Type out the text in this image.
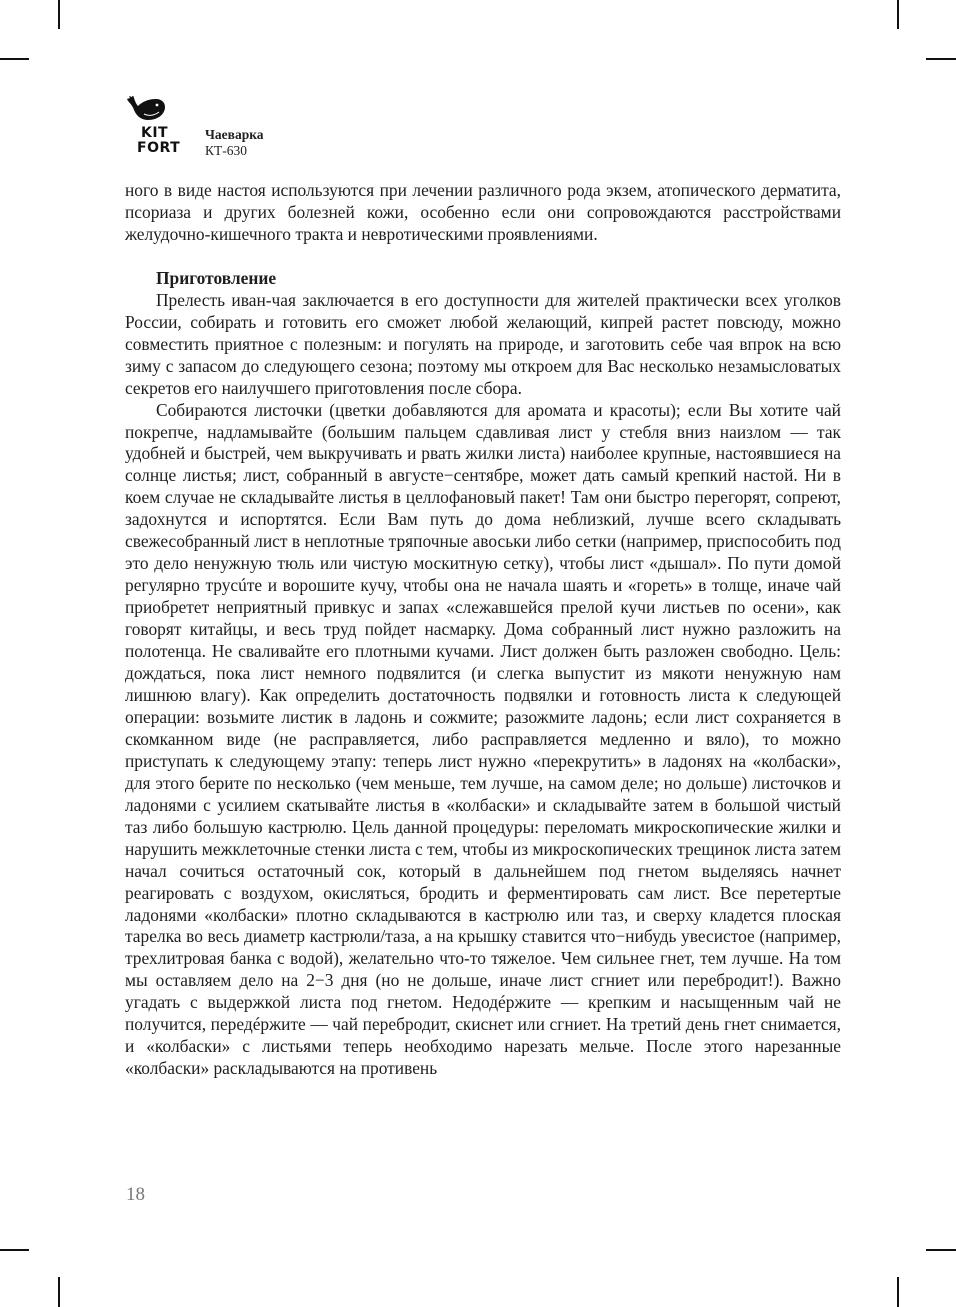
KIT
FORT
Чаеварка
КТ-630

ного в виде настоя используются при лечении различного рода экзем, атопического дерматита, псориаза и других болезней кожи, особенно если они сопровождаются расстройствами желудочно-кишечного тракта и невротическими проявлениями.

Приготовление

Прелесть иван-чая заключается в его доступности для жителей практически всех уголков России, собирать и готовить его сможет любой желающий, кипрей растет повсюду, можно совместить приятное с полезным: и погулять на природе, и заготовить себе чая впрок на всю зиму с запасом до следующего сезона; поэтому мы откроем для Вас несколько незамысловатых секретов его наилучшего приготовления после сбора.

Собираются листочки (цветки добавляются для аромата и красоты); если Вы хотите чай покрепче, надламывайте (большим пальцем сдавливая лист у стебля вниз наизлом — так удобней и быстрей, чем выкручивать и рвать жилки листа) наиболее крупные, настоявшиеся на солнце листья; лист, собранный в августе−сентябре, может дать самый крепкий настой. Ни в коем случае не складывайте листья в целлофановый пакет! Там они быстро перегорят, сопреют, задохнутся и испортятся. Если Вам путь до дома неблизкий, лучше всего складывать свежесобранный лист в неплотные тряпочные авоськи либо сетки (например, приспособить под это дело ненужную тюль или чистую москитную сетку), чтобы лист «дышал». По пути домой регулярно трусúте и ворошите кучу, чтобы она не начала шаять и «гореть» в толще, иначе чай приобретет неприятный привкус и запах «слежавшейся прелой кучи листьев по осени», как говорят китайцы, и весь труд пойдет насмарку. Дома собранный лист нужно разложить на полотенца. Не сваливайте его плотными кучами. Лист должен быть разложен свободно. Цель: дождаться, пока лист немного подвялится (и слегка выпустит из мякоти ненужную нам лишнюю влагу). Как определить достаточность подвялки и готовность листа к следующей операции: возьмите листик в ладонь и сожмите; разожмите ладонь; если лист сохраняется в скомканном виде (не расправляется, либо расправляется медленно и вяло), то можно приступать к следующему этапу: теперь лист нужно «перекрутить» в ладонях на «колбаски», для этого берите по несколько (чем меньше, тем лучше, на самом деле; но дольше) листочков и ладонями с усилием скатывайте листья в «колбаски» и складывайте затем в большой чистый таз либо большую кастрюлю. Цель данной процедуры: переломать микроскопические жилки и нарушить межклеточные стенки листа с тем, чтобы из микроскопических трещинок листа затем начал сочиться остаточный сок, который в дальнейшем под гнетом выделяясь начнет реагировать с воздухом, окисляться, бродить и ферментировать сам лист. Все перетертые ладонями «колбаски» плотно складываются в кастрюлю или таз, и сверху кладется плоская тарелка во весь диаметр кастрюли/таза, а на крышку ставится что−нибудь увесистое (например, трехлитровая банка с водой), желательно что-то тяжелое. Чем сильнее гнет, тем лучше. На том мы оставляем дело на 2−3 дня (но не дольше, иначе лист сгниет или перебродит!). Важно угадать с выдержкой листа под гнетом. Недодéржите — крепким и насыщенным чай не получится, передéржите — чай перебродит, скиснет или сгниет. На третий день гнет снимается, и «колбаски» с листьями теперь необходимо нарезать мельче. После этого нарезанные «колбаски» раскладываются на противень

18
